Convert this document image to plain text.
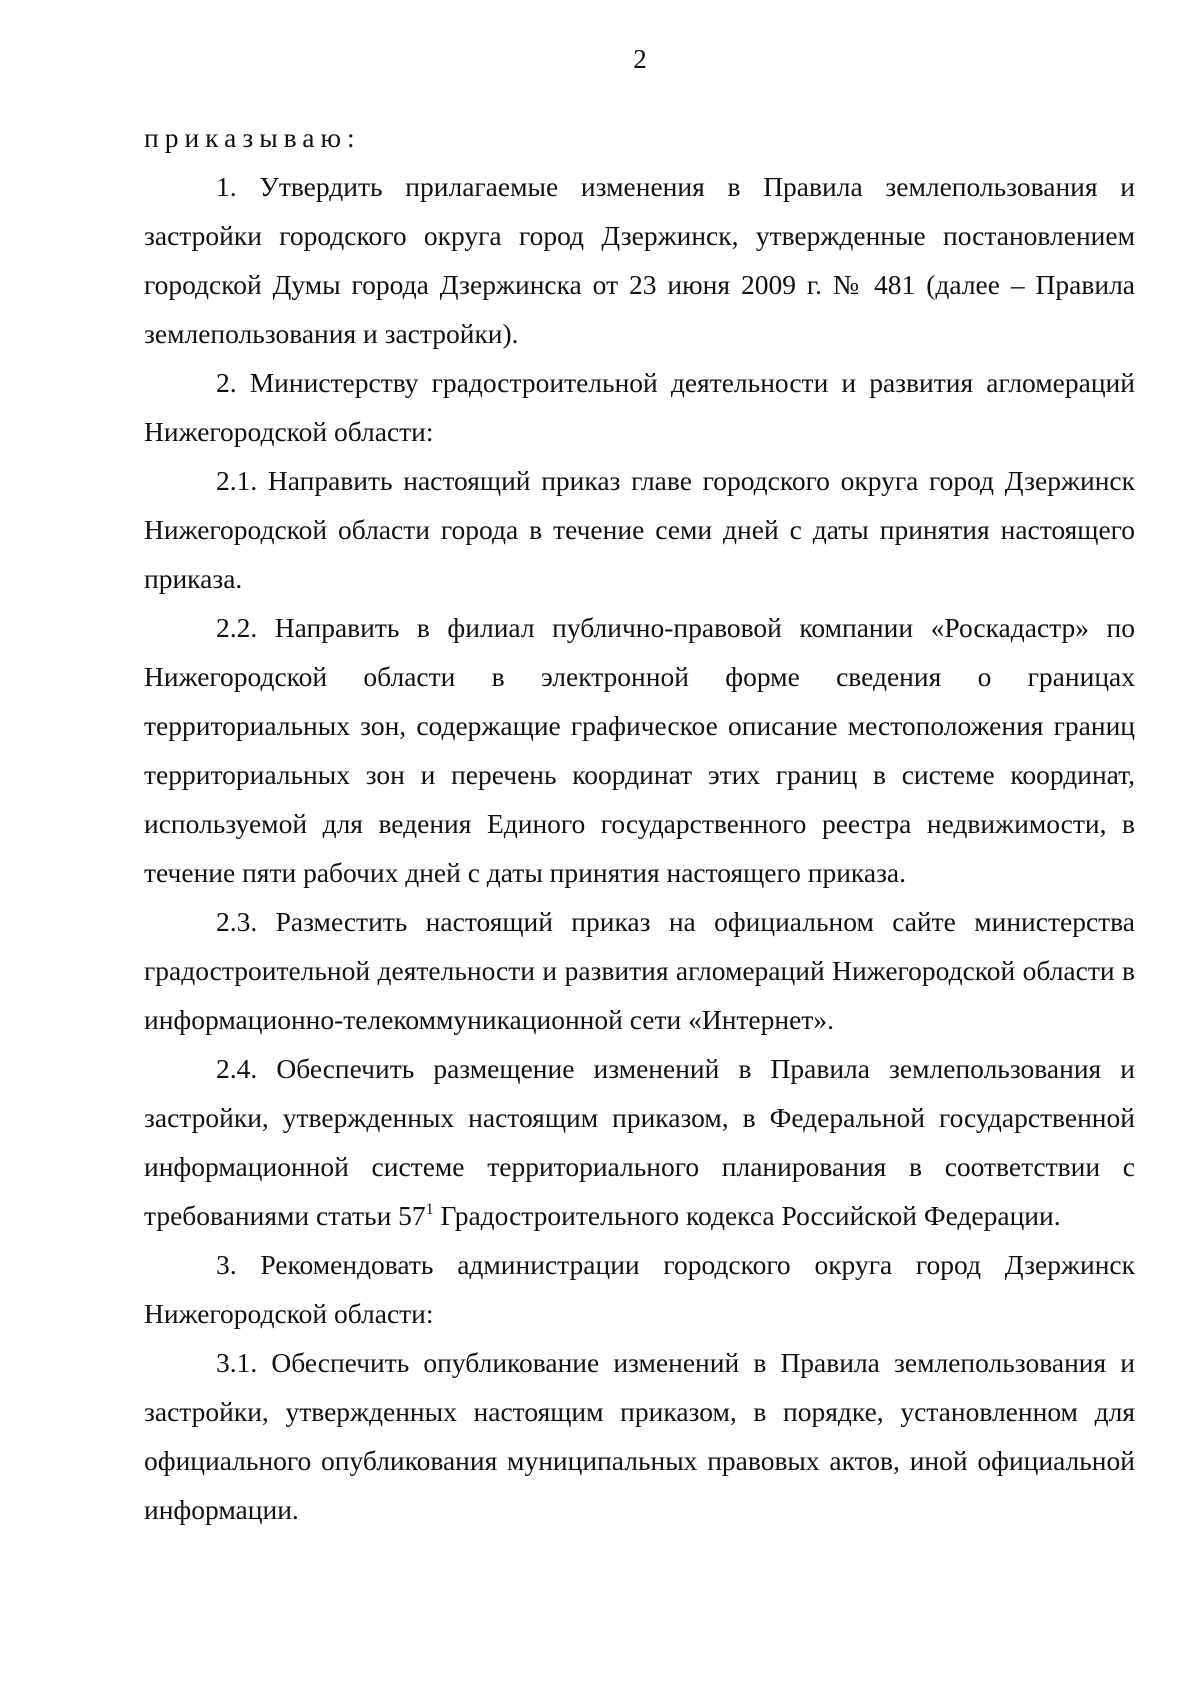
2

приказываю:

1. Утвердить прилагаемые изменения в Правила землепользования и застройки городского округа город Дзержинск, утвержденные постановлением городской Думы города Дзержинска от 23 июня 2009 г. № 481 (далее – Правила землепользования и застройки).

2. Министерству градостроительной деятельности и развития агломераций Нижегородской области:

2.1. Направить настоящий приказ главе городского округа город Дзержинск Нижегородской области города в течение семи дней с даты принятия настоящего приказа.

2.2. Направить в филиал публично-правовой компании «Роскадастр» по Нижегородской области в электронной форме сведения о границах территориальных зон, содержащие графическое описание местоположения границ территориальных зон и перечень координат этих границ в системе координат, используемой для ведения Единого государственного реестра недвижимости, в течение пяти рабочих дней с даты принятия настоящего приказа.

2.3. Разместить настоящий приказ на официальном сайте министерства градостроительной деятельности и развития агломераций Нижегородской области в информационно-телекоммуникационной сети «Интернет».

2.4. Обеспечить размещение изменений в Правила землепользования и застройки, утвержденных настоящим приказом, в Федеральной государственной информационной системе территориального планирования в соответствии с требованиями статьи $57^1$ Градостроительного кодекса Российской Федерации.

3. Рекомендовать администрации городского округа город Дзержинск Нижегородской области:

3.1. Обеспечить опубликование изменений в Правила землепользования и застройки, утвержденных настоящим приказом, в порядке, установленном для официального опубликования муниципальных правовых актов, иной официальной информации.
